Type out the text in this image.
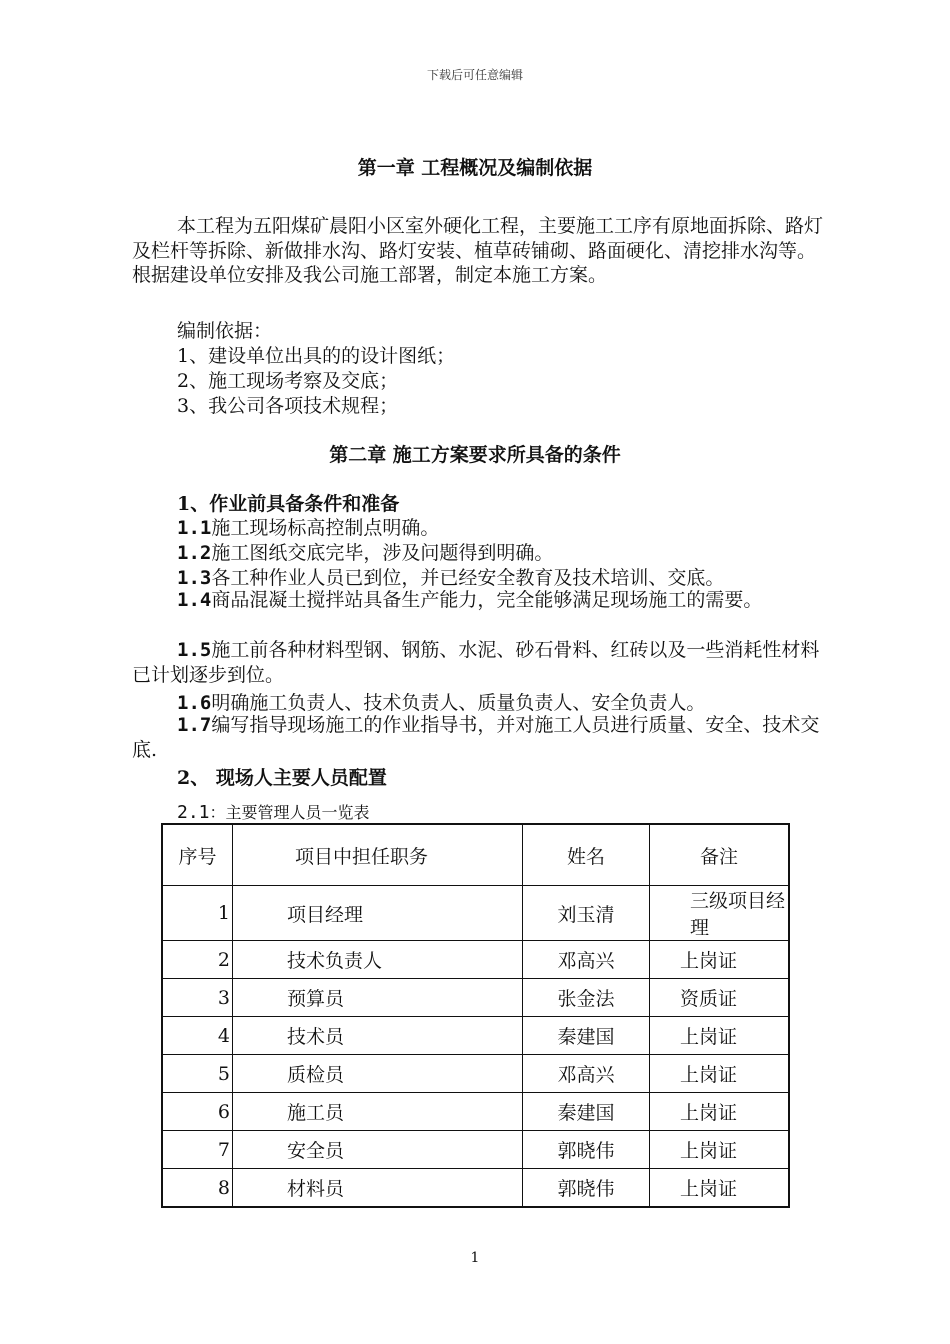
下载后可任意编辑
第一章 工程概况及编制依据
本工程为五阳煤矿晨阳小区室外硬化工程，主要施工工序有原地面拆除、路灯及栏杆等拆除、新做排水沟、路灯安装、植草砖铺砌、路面硬化、清挖排水沟等。根据建设单位安排及我公司施工部署，制定本施工方案。
编制依据：
1、建设单位出具的的设计图纸；
2、施工现场考察及交底；
3、我公司各项技术规程；
第二章 施工方案要求所具备的条件
1、作业前具备条件和准备
1.1施工现场标高控制点明确。
1.2施工图纸交底完毕，涉及问题得到明确。
1.3各工种作业人员已到位，并已经安全教育及技术培训、交底。
1.4商品混凝土搅拌站具备生产能力，完全能够满足现场施工的需要。
1.5施工前各种材料型钢、钢筋、水泥、砂石骨料、红砖以及一些消耗性材料已计划逐步到位。
1.6明确施工负责人、技术负责人、质量负责人、安全负责人。
1.7编写指导现场施工的作业指导书，并对施工人员进行质量、安全、技术交底.
2、 现场人主要人员配置
2.1：主要管理人员一览表
序号	项目中担任职务	姓名	备注
1	项目经理	刘玉清	三级项目经理
2	技术负责人	邓高兴	上岗证
3	预算员	张金法	资质证
4	技术员	秦建国	上岗证
5	质检员	邓高兴	上岗证
6	施工员	秦建国	上岗证
7	安全员	郭晓伟	上岗证
8	材料员	郭晓伟	上岗证
1
